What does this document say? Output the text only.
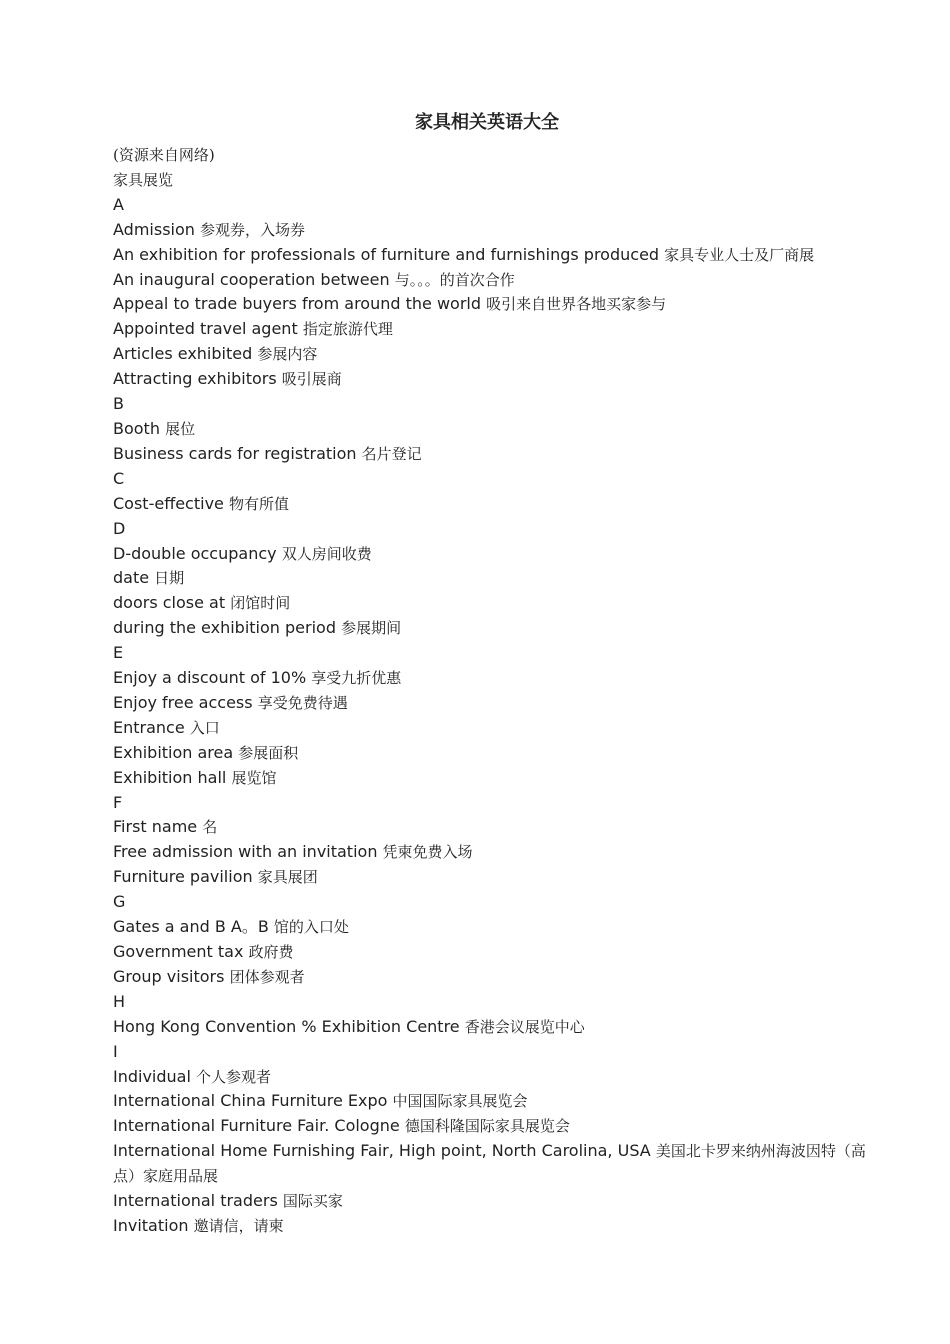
家具相关英语大全
(资源来自网络)
家具展览
A
Admission 参观券，入场券
An exhibition for professionals of furniture and furnishings produced 家具专业人士及厂商展
An inaugural cooperation between 与。。。的首次合作
Appeal to trade buyers from around the world 吸引来自世界各地买家参与
Appointed travel agent 指定旅游代理
Articles exhibited 参展内容
Attracting exhibitors 吸引展商
B
Booth 展位
Business cards for registration 名片登记
C
Cost-effective 物有所值
D
D-double occupancy 双人房间收费
date 日期
doors close at 闭馆时间
during the exhibition period 参展期间
E
Enjoy a discount of 10% 享受九折优惠
Enjoy free access 享受免费待遇
Entrance 入口
Exhibition area 参展面积
Exhibition hall 展览馆
F
First name 名
Free admission with an invitation 凭柬免费入场
Furniture pavilion 家具展团
G
Gates a and B A。B 馆的入口处
Government tax 政府费
Group visitors 团体参观者
H
Hong Kong Convention % Exhibition Centre 香港会议展览中心
I
Individual 个人参观者
International China Furniture Expo 中国国际家具展览会
International Furniture Fair. Cologne 德国科隆国际家具展览会
International Home Furnishing Fair, High point, North Carolina, USA 美国北卡罗来纳州海波因特（高点）家庭用品展
International traders 国际买家
Invitation 邀请信，请柬
